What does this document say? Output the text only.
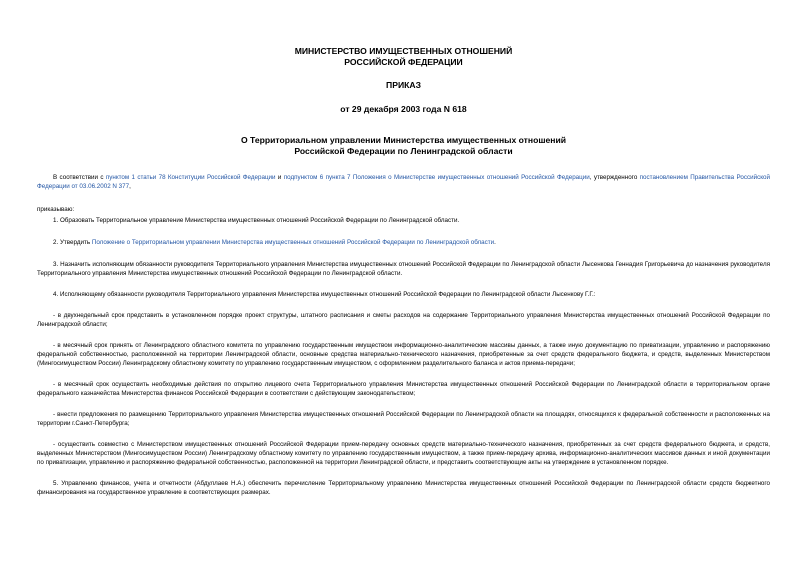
МИНИСТЕРСТВО ИМУЩЕСТВЕННЫХ ОТНОШЕНИЙ
РОССИЙСКОЙ ФЕДЕРАЦИИ
ПРИКАЗ
от 29 декабря 2003 года N 618
О Территориальном управлении Министерства имущественных отношений
Российской Федерации по Ленинградской области

В соответствии с пунктом 1 статьи 78 Конституции Российской Федерации и подпунктом 6 пункта 7 Положения о Министерстве имущественных отношений Российской Федерации, утвержденного постановлением Правительства Российской Федерации от 03.06.2002 N 377,

приказываю:

1. Образовать Территориальное управление Министерства имущественных отношений Российской Федерации по Ленинградской области.

2. Утвердить Положение о Территориальном управлении Министерства имущественных отношений Российской Федерации по Ленинградской области.

3. Назначить исполняющим обязанности руководителя Территориального управления Министерства имущественных отношений Российской Федерации по Ленинградской области Лысенкова Геннадия Григорьевича до назначения руководителя Территориального управления Министерства имущественных отношений Российской Федерации по Ленинградской области.

4. Исполняющему обязанности руководителя Территориального управления Министерства имущественных отношений Российской Федерации по Ленинградской области Лысенкову Г.Г.:

- в двухнедельный срок представить в установленном порядке проект структуры, штатного расписания и сметы расходов на содержание Территориального управления Министерства имущественных отношений Российской Федерации по Ленинградской области;

- в месячный срок принять от Ленинградского областного комитета по управлению государственным имуществом информационно-аналитические массивы данных, а также иную документацию по приватизации, управлению и распоряжению федеральной собственностью, расположенной на территории Ленинградской области, основные средства материально-технического назначения, приобретенные за счет средств федерального бюджета, и средств, выделенных Министерством (Мингосимуществом России) Ленинградскому областному комитету по управлению государственным имуществом, с оформлением разделительного баланса и актов приема-передачи;

- в месячный срок осуществить необходимые действия по открытию лицевого счета Территориального управления Министерства имущественных отношений Российской Федерации по Ленинградской области в территориальном органе федерального казначейства Министерства финансов Российской Федерации в соответствии с действующим законодательством;

- внести предложения по размещению Территориального управления Министерства имущественных отношений Российской Федерации по Ленинградской области на площадях, относящихся к федеральной собственности и расположенных на территории г.Санкт-Петербурга;

- осуществить совместно с Министерством имущественных отношений Российской Федерации прием-передачу основных средств материально-технического назначения, приобретенных за счет средств федерального бюджета, и средств, выделенных Министерством (Мингосимуществом России) Ленинградскому областному комитету по управлению государственным имуществом, а также прием-передачу архива, информационно-аналитических массивов данных и иной документации по приватизации, управлению и распоряжению федеральной собственностью, расположенной на территории Ленинградской области, и представить соответствующие акты на утверждение в установленном порядке.

5. Управлению финансов, учета и отчетности (Абдуллаев Н.А.) обеспечить перечисление Территориальному управлению Министерства имущественных отношений Российской Федерации по Ленинградской области средств бюджетного финансирования на государственное управление в соответствующих размерах.
